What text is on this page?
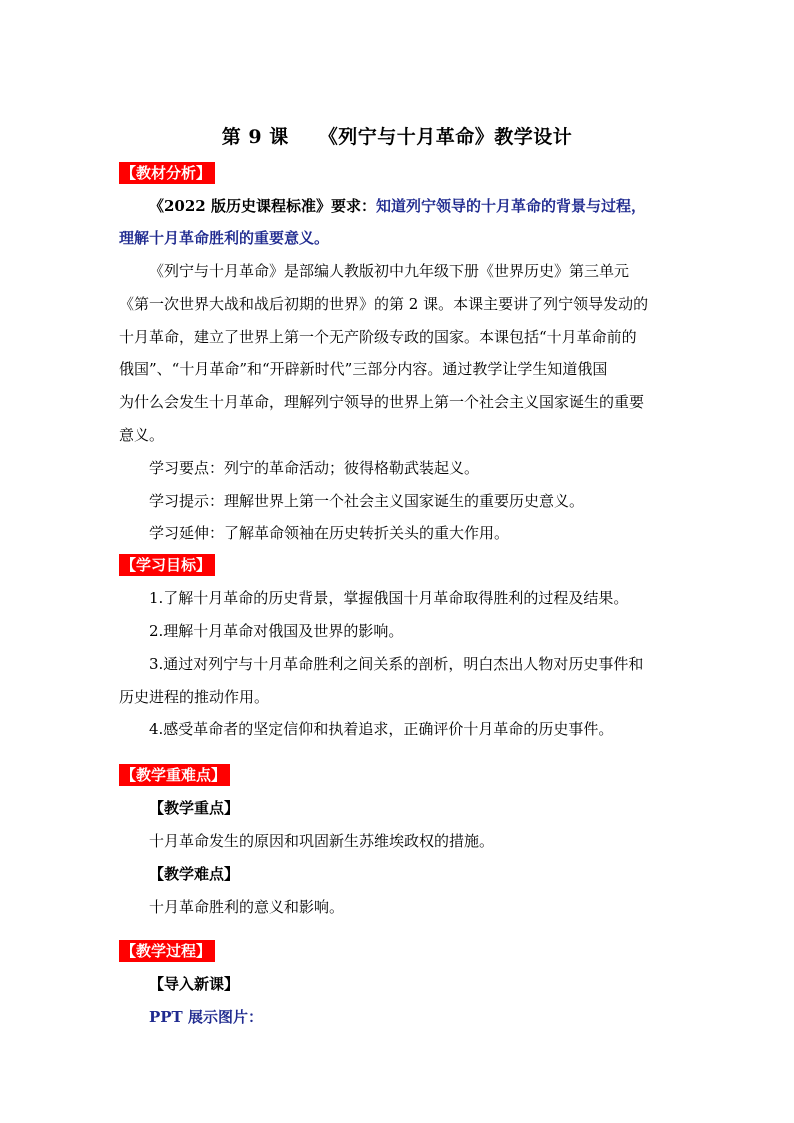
第 9 课 《列宁与十月革命》教学设计
【教材分析】
《2022 版历史课程标准》要求：知道列宁领导的十月革命的背景与过程，
理解十月革命胜利的重要意义。
《列宁与十月革命》是部编人教版初中九年级下册《世界历史》第三单元
《第一次世界大战和战后初期的世界》的第 2 课。本课主要讲了列宁领导发动的
十月革命，建立了世界上第一个无产阶级专政的国家。本课包括“十月革命前的
俄国”、“十月革命”和“开辟新时代”三部分内容。通过教学让学生知道俄国
为什么会发生十月革命，理解列宁领导的世界上第一个社会主义国家诞生的重要
意义。
学习要点：列宁的革命活动；彼得格勒武装起义。
学习提示：理解世界上第一个社会主义国家诞生的重要历史意义。
学习延伸：了解革命领袖在历史转折关头的重大作用。
【学习目标】
1.了解十月革命的历史背景，掌握俄国十月革命取得胜利的过程及结果。
2.理解十月革命对俄国及世界的影响。
3.通过对列宁与十月革命胜利之间关系的剖析，明白杰出人物对历史事件和
历史进程的推动作用。
4.感受革命者的坚定信仰和执着追求，正确评价十月革命的历史事件。
【教学重难点】
【教学重点】
十月革命发生的原因和巩固新生苏维埃政权的措施。
【教学难点】
十月革命胜利的意义和影响。
【教学过程】
【导入新课】
PPT 展示图片：
